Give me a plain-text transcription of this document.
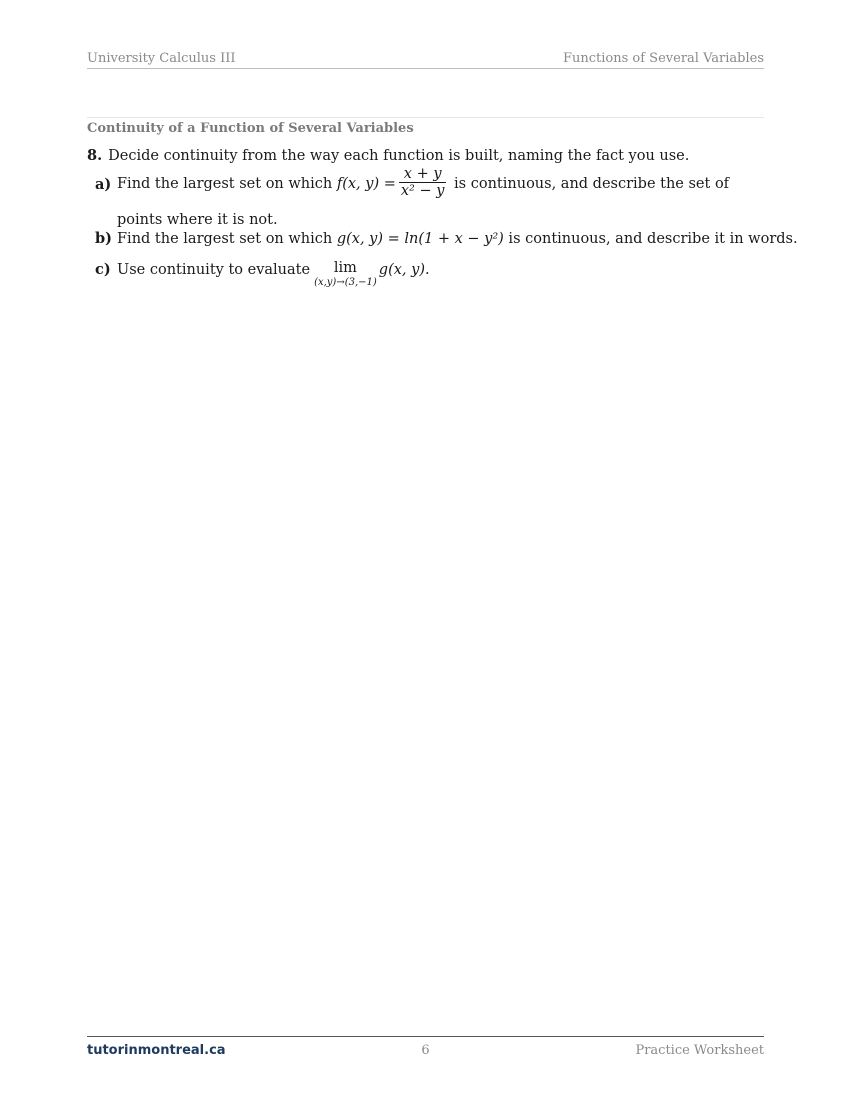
University Calculus III	Functions of Several Variables
Continuity of a Function of Several Variables
8. Decide continuity from the way each function is built, naming the fact you use.
a) Find the largest set on which f(x, $y) = \frac{x + y}{\text{x² − y}}$ is continuous, and describe the set of points where it is not.
b) Find the largest set on which g(x, y) = ln(1 + x − y²) is continuous, and describe it in words.
c) Use continuity to evaluate	lim
(x,y)→(3,−1)
g(x, y).
tutorinmontreal.ca	6	Practice Worksheet
